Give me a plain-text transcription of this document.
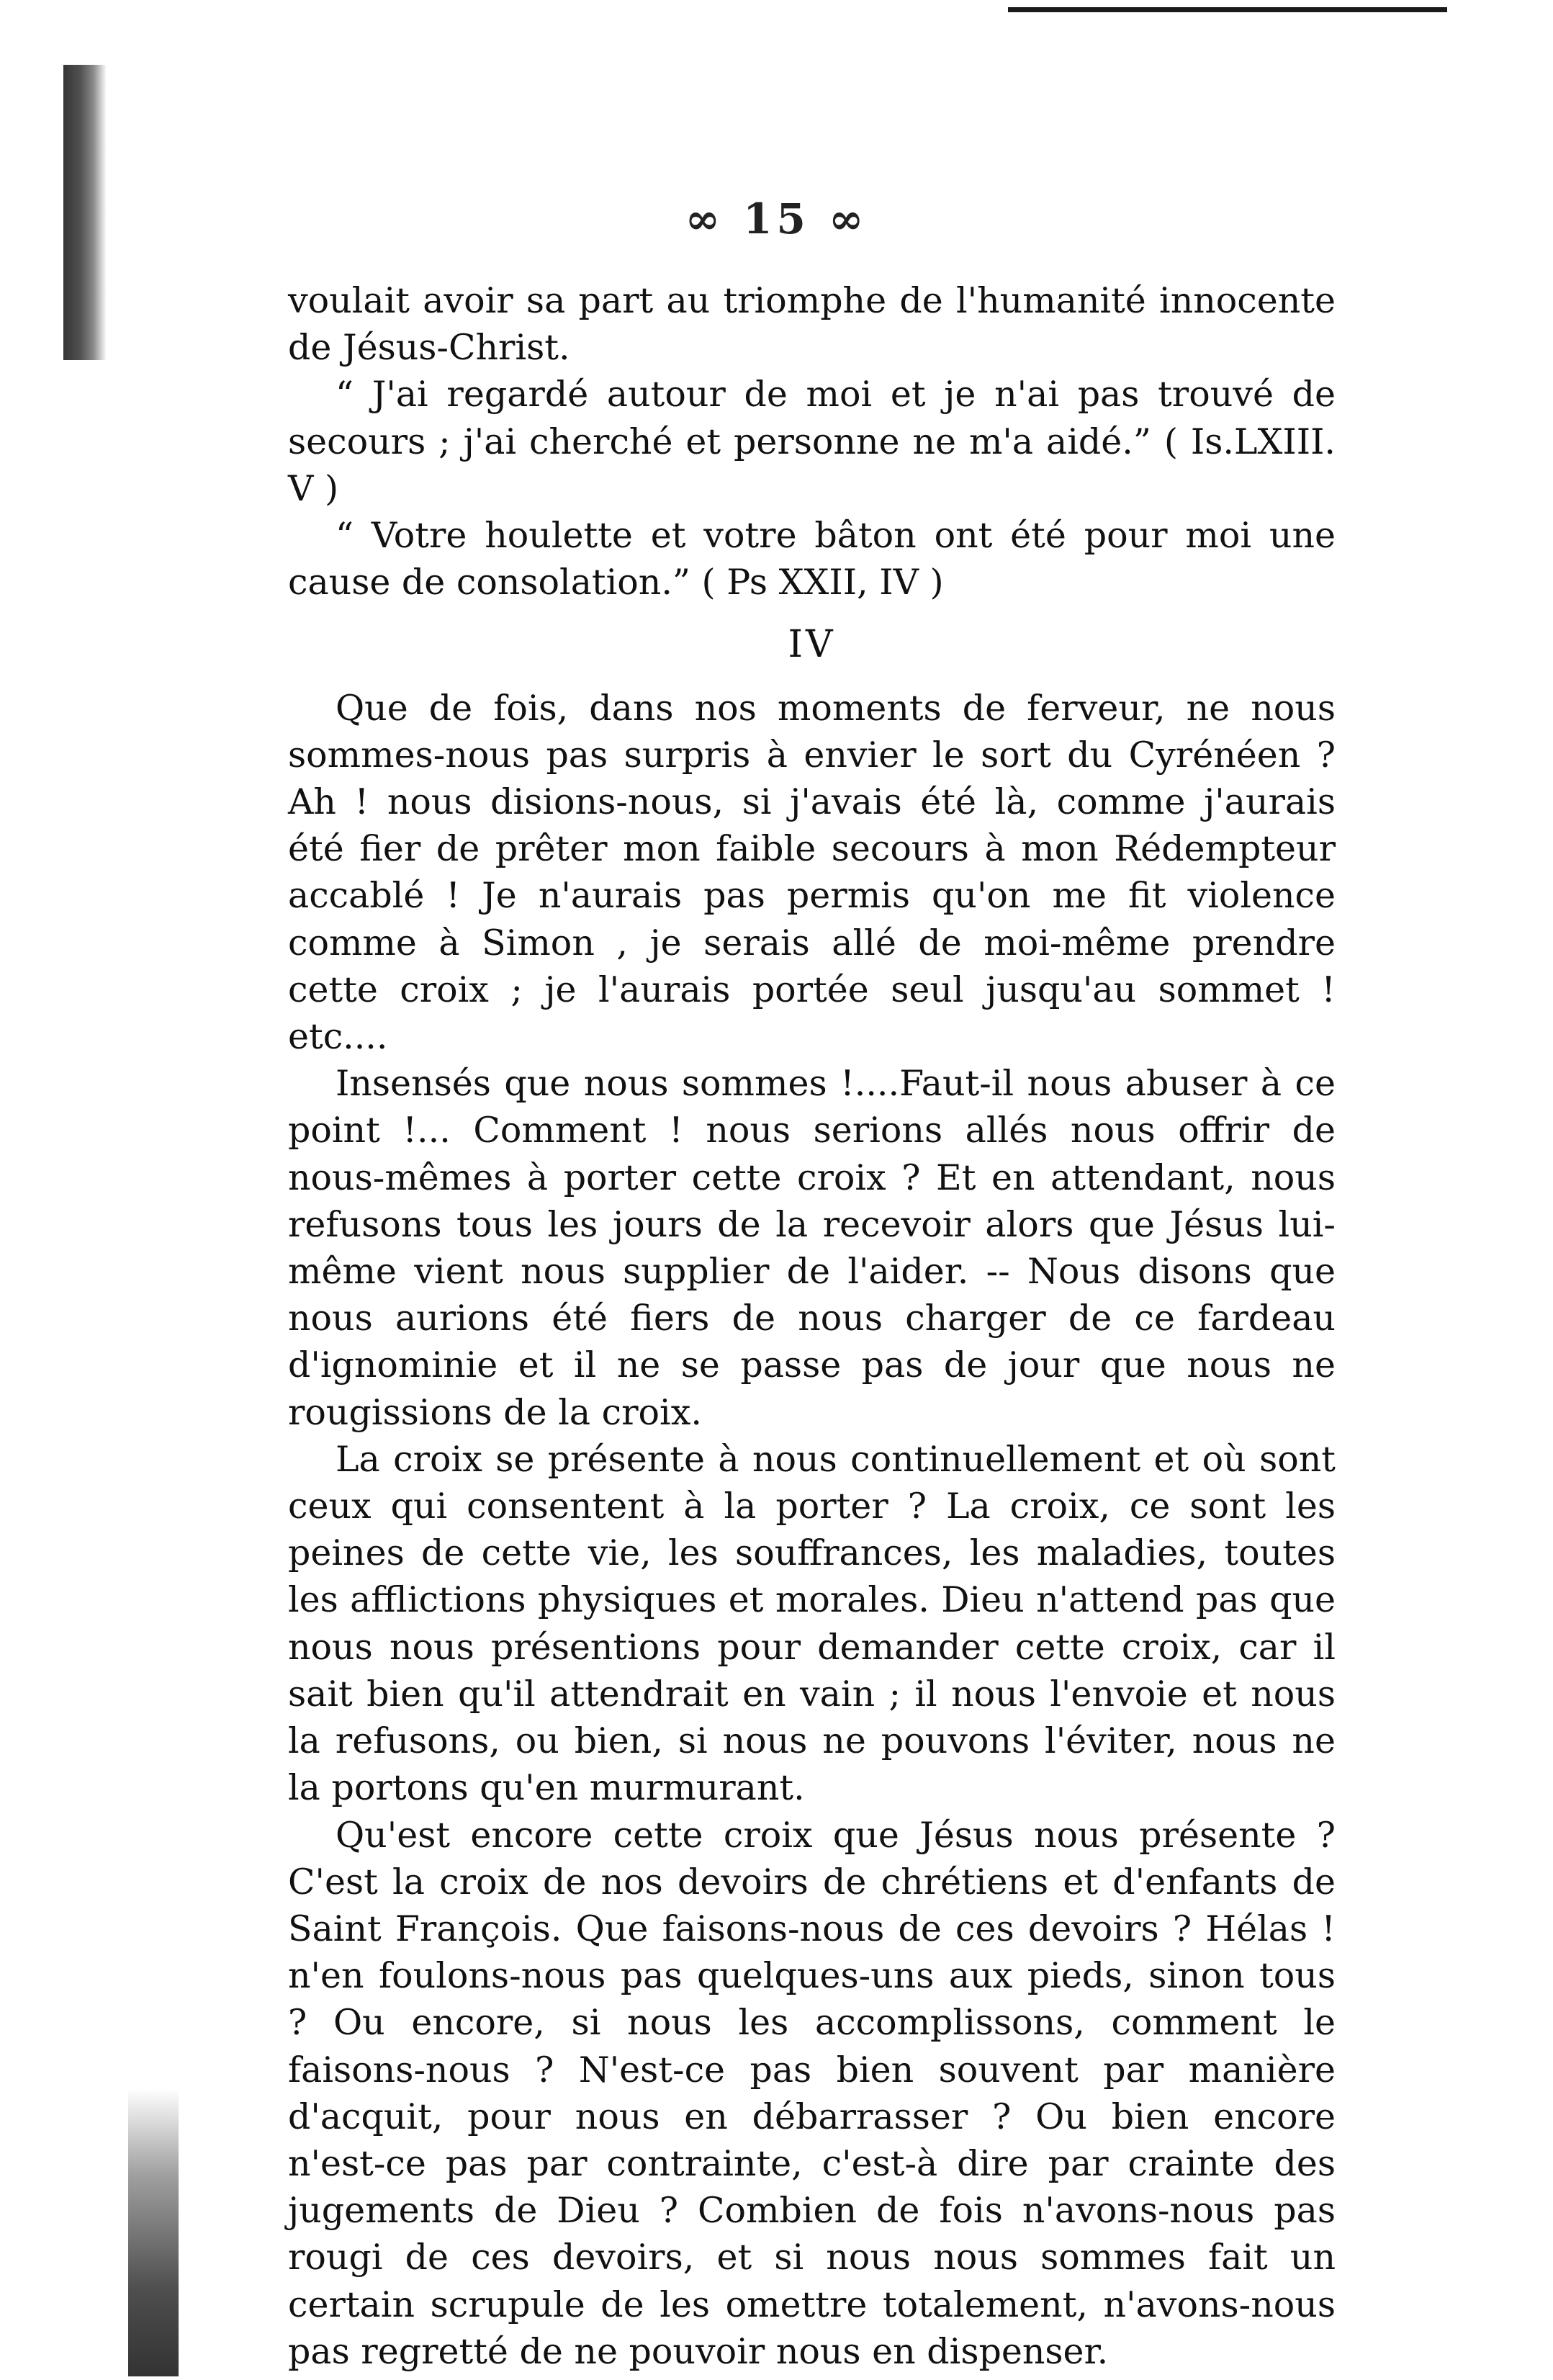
∞ 15 ∞

voulait avoir sa part au triomphe de l'humanité innocente de Jésus-Christ.

“ J'ai regardé autour de moi et je n'ai pas trouvé de secours ; j'ai cherché et personne ne m'a aidé.” ( Is.LXIII. V )

“ Votre houlette et votre bâton ont été pour moi une cause de consolation.” ( Ps XXII, IV )

IV

Que de fois, dans nos moments de ferveur, ne nous sommes-nous pas surpris à envier le sort du Cyrénéen ? Ah ! nous disions-nous, si j'avais été là, comme j'aurais été fier de prêter mon faible secours à mon Rédempteur accablé ! Je n'aurais pas permis qu'on me fit violence comme à Simon , je serais allé de moi-même prendre cette croix ; je l'aurais portée seul jusqu'au sommet ! etc....

Insensés que nous sommes !....Faut-il nous abuser à ce point !... Comment ! nous serions allés nous offrir de nous-mêmes à porter cette croix ? Et en attendant, nous refusons tous les jours de la recevoir alors que Jésus lui-même vient nous supplier de l'aider. -- Nous disons que nous aurions été fiers de nous charger de ce fardeau d'ignominie et il ne se passe pas de jour que nous ne rougissions de la croix.

La croix se présente à nous continuellement et où sont ceux qui consentent à la porter ? La croix, ce sont les peines de cette vie, les souffrances, les maladies, toutes les afflictions physiques et morales. Dieu n'attend pas que nous nous présentions pour demander cette croix, car il sait bien qu'il attendrait en vain ; il nous l'envoie et nous la refusons, ou bien, si nous ne pouvons l'éviter, nous ne la portons qu'en murmurant.

Qu'est encore cette croix que Jésus nous présente ? C'est la croix de nos devoirs de chrétiens et d'enfants de Saint François. Que faisons-nous de ces devoirs ? Hélas ! n'en foulons-nous pas quelques-uns aux pieds, sinon tous ? Ou encore, si nous les accomplissons, comment le faisons-nous ? N'est-ce pas bien souvent par manière d'acquit, pour nous en débarrasser ? Ou bien encore n'est-ce pas par contrainte, c'est-à dire par crainte des jugements de Dieu ? Combien de fois n'avons-nous pas rougi de ces devoirs, et si nous nous sommes fait un certain scrupule de les omettre totalement, n'avons-nous pas regretté de ne pouvoir nous en dispenser.
